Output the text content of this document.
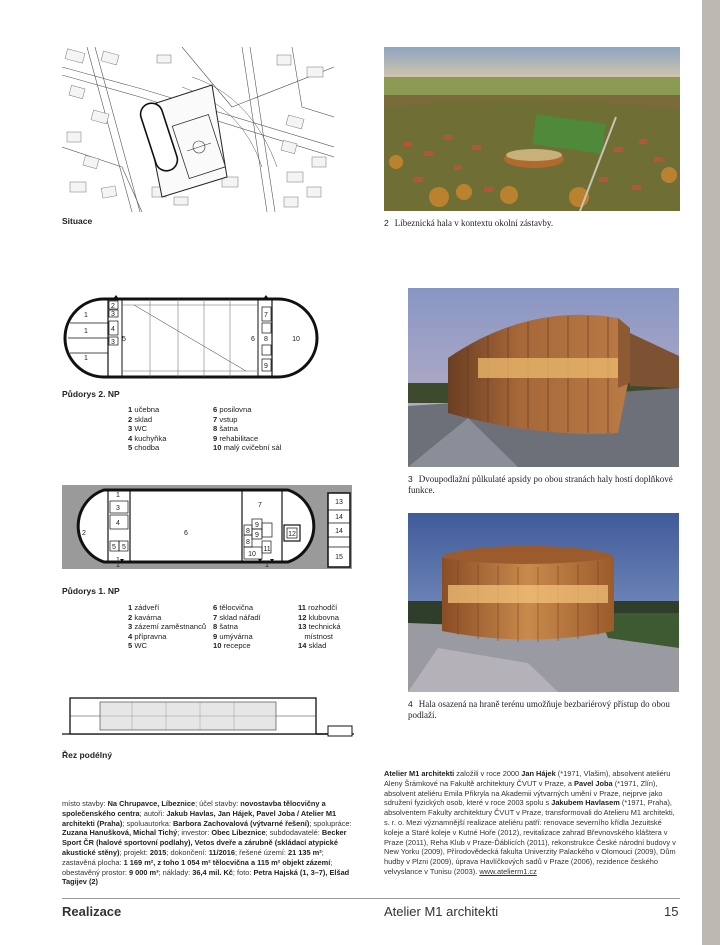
Situace	2 Líbeznická hala v kontextu okolní zástavby.
1
1
1
2
3
4
3 5	6
7
8
9
10
Půdorys 2. NP
1 učebna
2 sklad
3 WC
4 kuchyňka
5 chodba
6 posilovna
7 vstup
8 šatna
9 rehabilitace
10 malý cvičební sál
1
2
3
4
5 5
1
6
7
8
8
9
9
10
11
12
13
14
14
15
1	1
Půdorys 1. NP
1 zádveří
2 kavárna
3 zázemí zaměstnanců
4 přípravna
5 WC
6 tělocvična
7 sklad nářadí
8 šatna
9 umývárna
10 recepce
11 rozhodčí
12 klubovna
13 technická
místnost
14 sklad
Řez podélný
3 Dvoupodlažní půlkulaté apsidy po obou stranách haly hostí doplňkové funkce.
4 Hala osazená na hraně terénu umožňuje bezbariérový přístup do obou podlaží.
místo stavby: Na Chrupavce, Líbeznice; účel stavby: novostavba tělocvičny a společenského centra; autoři: Jakub Havlas, Jan Hájek, Pavel Joba / Atelier M1 architekti (Praha); spoluautorka: Barbora Zachovalová (výtvarné řešení); spolupráce: Zuzana Hanušková, Michal Tichý; investor: Obec Líbeznice; subdodavatelé: Becker Sport ČR (halové sportovní podlahy), Vetos dveře a zárubně (skládací atypické akustické stěny); projekt: 2015; dokončení: 11/2016; řešené území: 21 135 m²; zastavěná plocha: 1 169 m², z toho 1 054 m² tělocvična a 115 m² objekt zázemí; obestavěný prostor: 9 000 m³; náklady: 36,4 mil. Kč; foto: Petra Hajská (1, 3–7), Elšad Tagijev (2)
Atelier M1 architekti založili v roce 2000 Jan Hájek (*1971, Vlašim), absolvent ateliéru Aleny Šrámkové na Fakultě architektury ČVUT v Praze, a Pavel Joba (*1971, Zlín), absolvent ateliéru Emila Přikryla na Akademii výtvarných umění v Praze, nejprve jako sdružení fyzických osob, které v roce 2003 spolu s Jakubem Havlasem (*1971, Praha), absolventem Fakulty architektury ČVUT v Praze, transformovali do Atelieru M1 architekti, s. r. o. Mezi významnější realizace ateliéru patří: renovace severního křídla Jezuitské koleje a Staré koleje v Kutné Hoře (2012), revitalizace zahrad Břevnovského kláštera v Praze (2011), Reha Klub v Praze-Ďáblicích (2011), rekonstrukce České národní budovy v New Yorku (2009), Přírodovědecká fakulta Univerzity Palackého v Olomouci (2009), Dům hudby v Plzni (2009), úprava Havlíčkových sadů v Praze (2006), rezidence českého velvyslance v Tunisu (2003). www.atelierm1.cz
Realizace	Atelier M1 architekti	15
